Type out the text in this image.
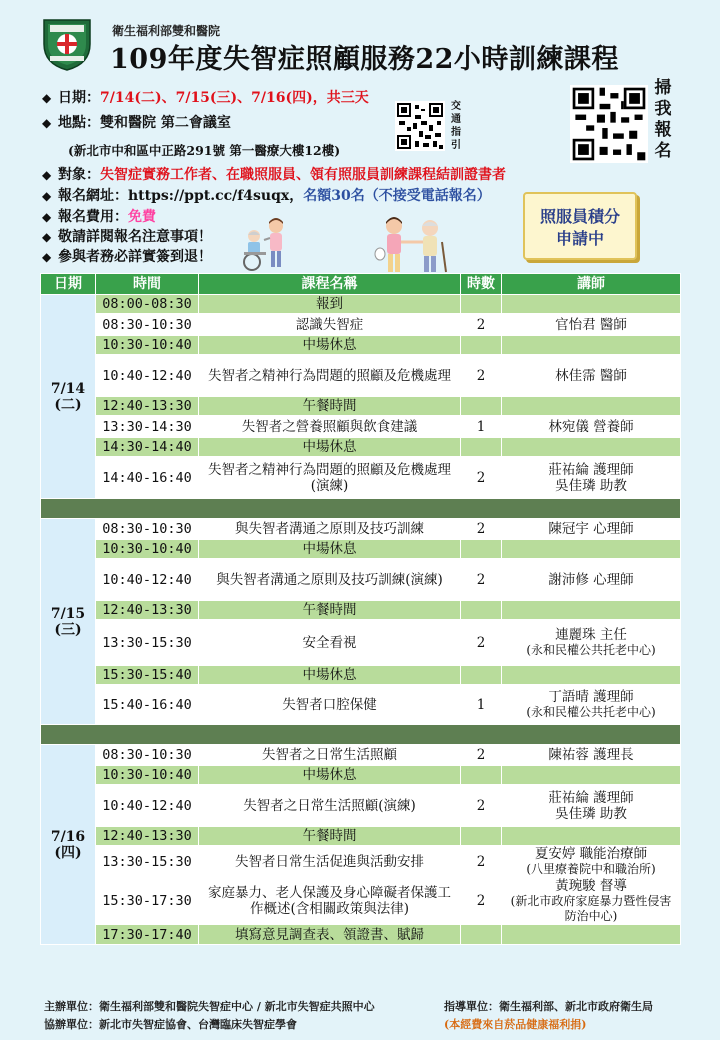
衛生福利部雙和醫院
109年度失智症照顧服務22小時訓練課程
◆ 日期：7/14(二)、7/15(三)、7/16(四)，共三天
◆ 地點：雙和醫院 第二會議室
(新北市中和區中正路291號 第一醫療大樓12樓)
◆ 對象：失智症實務工作者、在職照服員、領有照服員訓練課程結訓證書者
◆ 報名網址：https://ppt.cc/f4suqx，名額30名（不接受電話報名）
◆ 報名費用：免費
◆ 敬請詳閱報名注意事項！
◆ 參與者務必詳實簽到退！
交
通
指
引
掃
我
報
名
照服員積分
申請中
日期	時間	課程名稱	時數	講師

7/14
(二)	08:00-08:30	報到		
	08:30-10:30	認識失智症	2	官怡君 醫師

	10:30-10:40	中場休息		
	10:40-12:40	失智者之精神行為問題的照顧及危機處理	2	林佳霈 醫師

	12:40-13:30	午餐時間		
	13:30-14:30	失智者之營養照顧與飲食建議	1	林宛儀 營養師

	14:30-14:40	中場休息		
	14:40-16:40	失智者之精神行為問題的照顧及危機處理(演練)	2	莊祐綸 護理師
吳佳璘 助教

7/15
(三)	08:30-10:30	與失智者溝通之原則及技巧訓練	2	陳冠宇 心理師

	10:30-10:40	中場休息		
	10:40-12:40	與失智者溝通之原則及技巧訓練(演練)	2	謝沛修 心理師

	12:40-13:30	午餐時間		
	13:30-15:30	安全看視	2	連麗珠 主任
(永和民權公共托老中心)

	15:30-15:40	中場休息		
	15:40-16:40	失智者口腔保健	1	丁語晴 護理師
(永和民權公共托老中心)

7/16
(四)	08:30-10:30	失智者之日常生活照顧	2	陳祐蓉 護理長

	10:30-10:40	中場休息		
	10:40-12:40	失智者之日常生活照顧(演練)	2	莊祐綸 護理師
吳佳璘 助教

	12:40-13:30	午餐時間		
	13:30-15:30	失智者日常生活促進與活動安排	2	夏安婷 職能治療師
(八里療養院中和職治所)

	15:30-17:30	家庭暴力、老人保護及身心障礙者保護工作概述(含相關政策與法律)	2	黃琬駿 督導
(新北市政府家庭暴力暨性侵害防治中心)

	17:30-17:40	填寫意見調查表、領證書、賦歸		
主辦單位：衛生福利部雙和醫院失智症中心 / 新北市失智症共照中心
協辦單位：新北市失智症協會、台灣臨床失智症學會
指導單位：衛生福利部、新北市政府衛生局
(本經費來自菸品健康福利捐)
